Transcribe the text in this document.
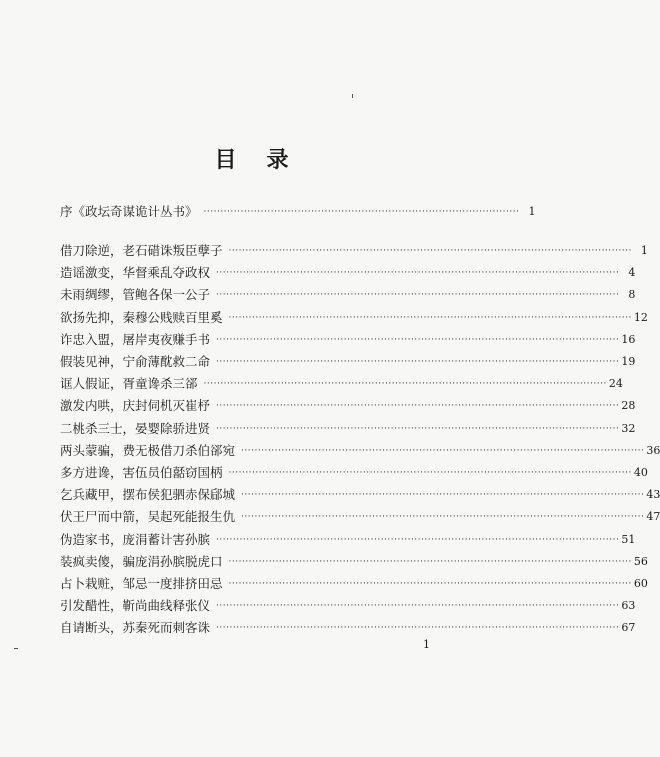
目录
序《政坛奇谋诡计丛书》 ······························································································ 1
借刀除逆，老石碏诛叛臣孽子 ························································································································ 1
造谣激变，华督乘乱夺政权 ························································································································ 4
未雨绸缪，管鲍各保一公子 ························································································································ 8
欲扬先抑，秦穆公贱赎百里奚 ························································································································ 12
诈忠入盟，屠岸夷夜赚手书 ························································································································ 16
假装见神，宁俞薄酖救二命 ························································································································ 19
诓人假证，胥童谗杀三郤 ························································································································ 24
激发内哄，庆封伺机灭崔杼 ························································································································ 28
二桃杀三士，晏婴除骄进贤 ························································································································ 32
两头蒙骗，费无极借刀杀伯郤宛 ························································································································ 36
多方进谗，害伍员伯嚭窃国柄 ························································································································ 40
乞兵藏甲，摆布侯犯驷赤保郈城 ························································································································ 43
伏王尸而中箭，吴起死能报生仇 ························································································································ 47
伪造家书，庞涓蓄计害孙膑 ························································································································ 51
装疯卖傻，骗庞涓孙膑脱虎口 ························································································································ 56
占卜栽赃，邹忌一度排挤田忌 ························································································································ 60
引发醋性，靳尚曲线释张仪 ························································································································ 63
自请断头，苏秦死而刺客诛 ························································································································ 67
1
